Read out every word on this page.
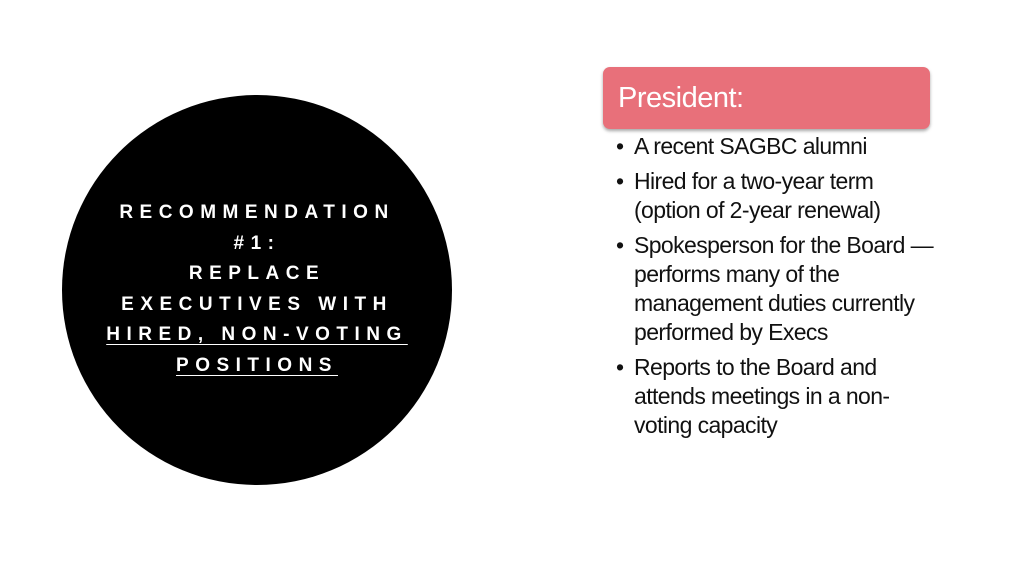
RECOMMENDATION
#1:
REPLACE
EXECUTIVES WITH
HIRED, NON-VOTING
POSITIONS
President:
• A recent SAGBC alumni
• Hired for a two-year term (option of 2-year renewal)
• Spokesperson for the Board — performs many of the management duties currently performed by Execs
• Reports to the Board and attends meetings in a non-voting capacity
